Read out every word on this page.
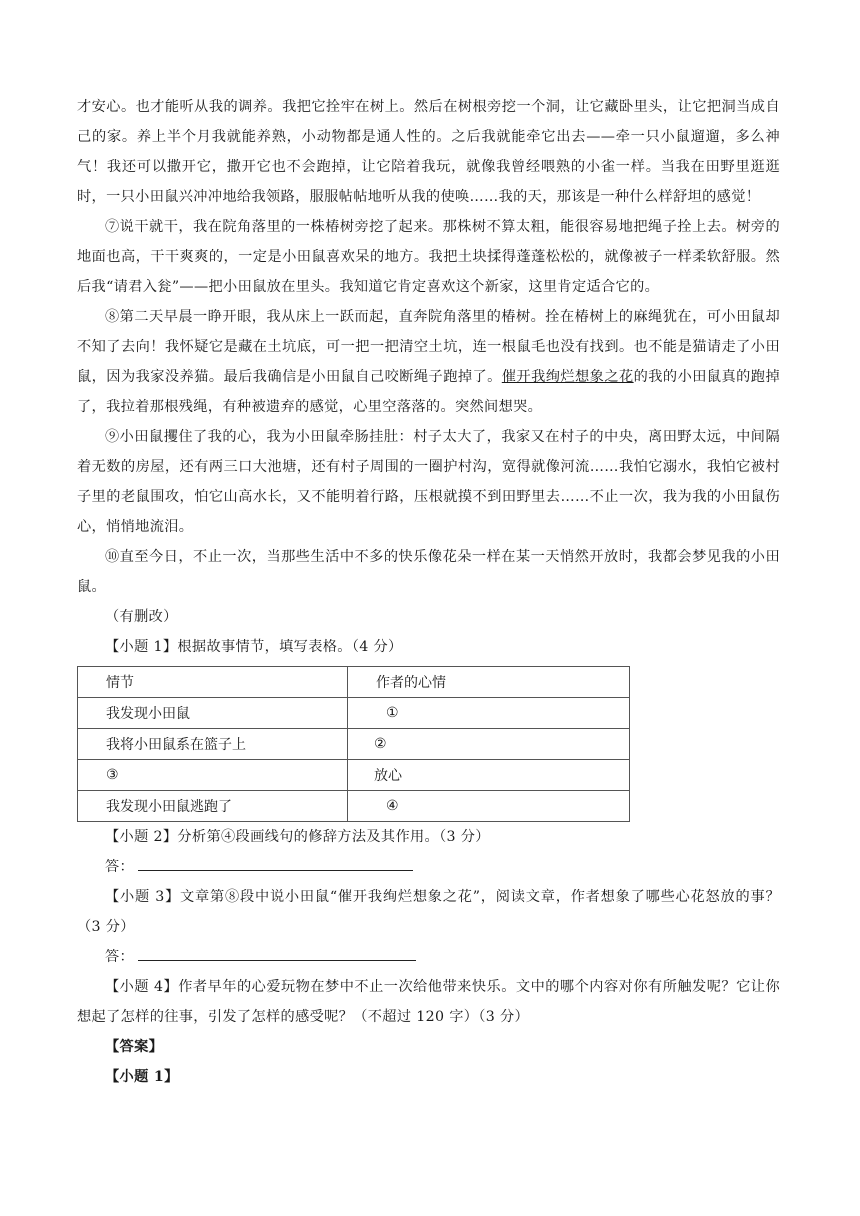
才安心。也才能听从我的调养。我把它拴牢在树上。然后在树根旁挖一个洞，让它藏卧里头，让它把洞当成自己的家。养上半个月我就能养熟，小动物都是通人性的。之后我就能牵它出去——牵一只小鼠遛遛，多么神气！我还可以撒开它，撒开它也不会跑掉，让它陪着我玩，就像我曾经喂熟的小雀一样。当我在田野里逛逛时，一只小田鼠兴冲冲地给我领路，服服帖帖地听从我的使唤……我的天，那该是一种什么样舒坦的感觉！

⑦说干就干，我在院角落里的一株椿树旁挖了起来。那株树不算太粗，能很容易地把绳子拴上去。树旁的地面也高，干干爽爽的，一定是小田鼠喜欢呆的地方。我把土块揉得蓬蓬松松的，就像被子一样柔软舒服。然后我“请君入瓮”——把小田鼠放在里头。我知道它肯定喜欢这个新家，这里肯定适合它的。

⑧第二天早晨一睁开眼，我从床上一跃而起，直奔院角落里的椿树。拴在椿树上的麻绳犹在，可小田鼠却不知了去向！我怀疑它是藏在土坑底，可一把一把清空土坑，连一根鼠毛也没有找到。也不能是猫请走了小田鼠，因为我家没养猫。最后我确信是小田鼠自己咬断绳子跑掉了。催开我绚烂想象之花的我的小田鼠真的跑掉了，我拉着那根残绳，有种被遗弃的感觉，心里空落落的。突然间想哭。

⑨小田鼠攫住了我的心，我为小田鼠牵肠挂肚：村子太大了，我家又在村子的中央，离田野太远，中间隔着无数的房屋，还有两三口大池塘，还有村子周围的一圈护村沟，宽得就像河流……我怕它溺水，我怕它被村子里的老鼠围攻，怕它山高水长，又不能明着行路，压根就摸不到田野里去……不止一次，我为我的小田鼠伤心，悄悄地流泪。

⑩直至今日，不止一次，当那些生活中不多的快乐像花朵一样在某一天悄然开放时，我都会梦见我的小田鼠。

（有删改）

【小题 1】根据故事情节，填写表格。（4 分）

情节	作者的心情
我发现小田鼠	①
我将小田鼠系在篮子上	②
③	放心
我发现小田鼠逃跑了	④

【小题 2】分析第④段画线句的修辞方法及其作用。（3 分）

答：

【小题 3】文章第⑧段中说小田鼠“催开我绚烂想象之花”，阅读文章，作者想象了哪些心花怒放的事？（3 分）

答：

【小题 4】作者早年的心爱玩物在梦中不止一次给他带来快乐。文中的哪个内容对你有所触发呢？它让你想起了怎样的往事，引发了怎样的感受呢？（不超过 120 字）（3 分）

【答案】

【小题 1】
